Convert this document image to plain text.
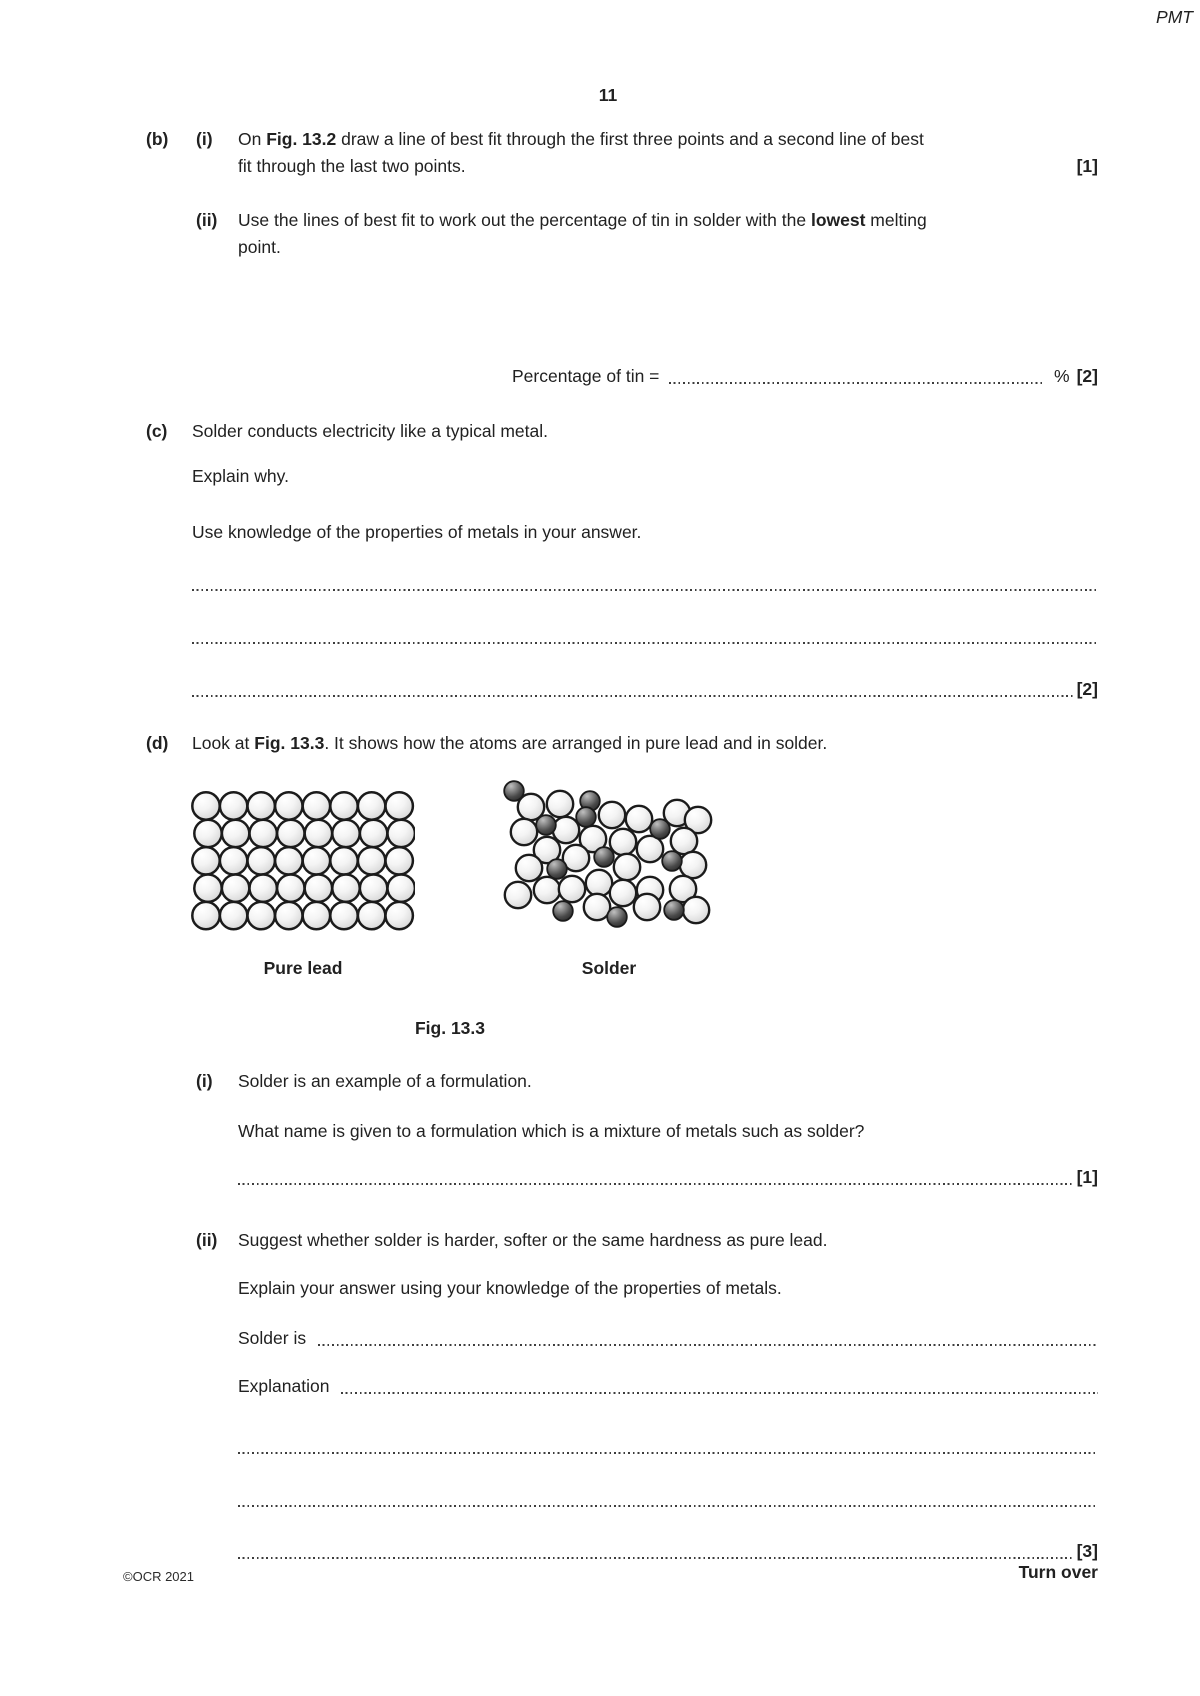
PMT
11
(b) (i) On Fig. 13.2 draw a line of best fit through the first three points and a second line of best
fit through the last two points.	[1]
(ii) Use the lines of best fit to work out the percentage of tin in solder with the lowest melting
point.
Percentage of tin =	% [2]
(c) Solder conducts electricity like a typical metal.
Explain why.
Use knowledge of the properties of metals in your answer.
[2]
(d) Look at Fig. 13.3. It shows how the atoms are arranged in pure lead and in solder.
Pure lead	Solder
Fig. 13.3
(i) Solder is an example of a formulation.
What name is given to a formulation which is a mixture of metals such as solder?
[1]
(ii) Suggest whether solder is harder, softer or the same hardness as pure lead.
Explain your answer using your knowledge of the properties of metals.
Solder is
Explanation
[3]
©OCR 2021	Turn over
